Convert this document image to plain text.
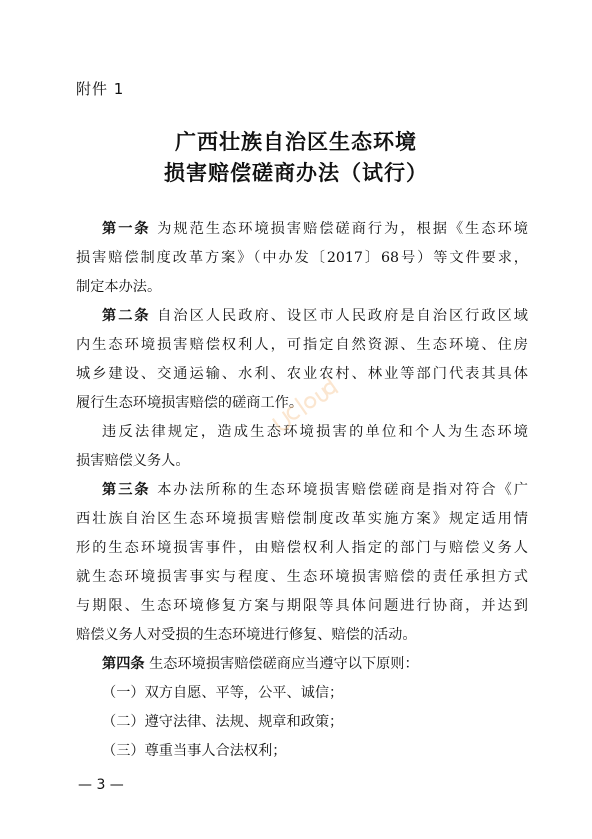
附件 1
广西壮族自治区生态环境
损害赔偿磋商办法（试行）
第一条 为规范生态环境损害赔偿磋商行为，根据《生态环境
损害赔偿制度改革方案》（中办发〔2017〕68号）等文件要求，
制定本办法。
第二条 自治区人民政府、设区市人民政府是自治区行政区域
内生态环境损害赔偿权利人，可指定自然资源、生态环境、住房
城乡建设、交通运输、水利、农业农村、林业等部门代表其具体
履行生态环境损害赔偿的磋商工作。
违反法律规定，造成生态环境损害的单位和个人为生态环境
损害赔偿义务人。
第三条 本办法所称的生态环境损害赔偿磋商是指对符合《广
西壮族自治区生态环境损害赔偿制度改革实施方案》规定适用情
形的生态环境损害事件，由赔偿权利人指定的部门与赔偿义务人
就生态环境损害事实与程度、生态环境损害赔偿的责任承担方式
与期限、生态环境修复方案与期限等具体问题进行协商，并达到
赔偿义务人对受损的生态环境进行修复、赔偿的活动。
第四条 生态环境损害赔偿磋商应当遵守以下原则：
（一）双方自愿、平等，公平、诚信；
（二）遵守法律、法规、规章和政策；
（三）尊重当事人合法权利；
— 3 —
